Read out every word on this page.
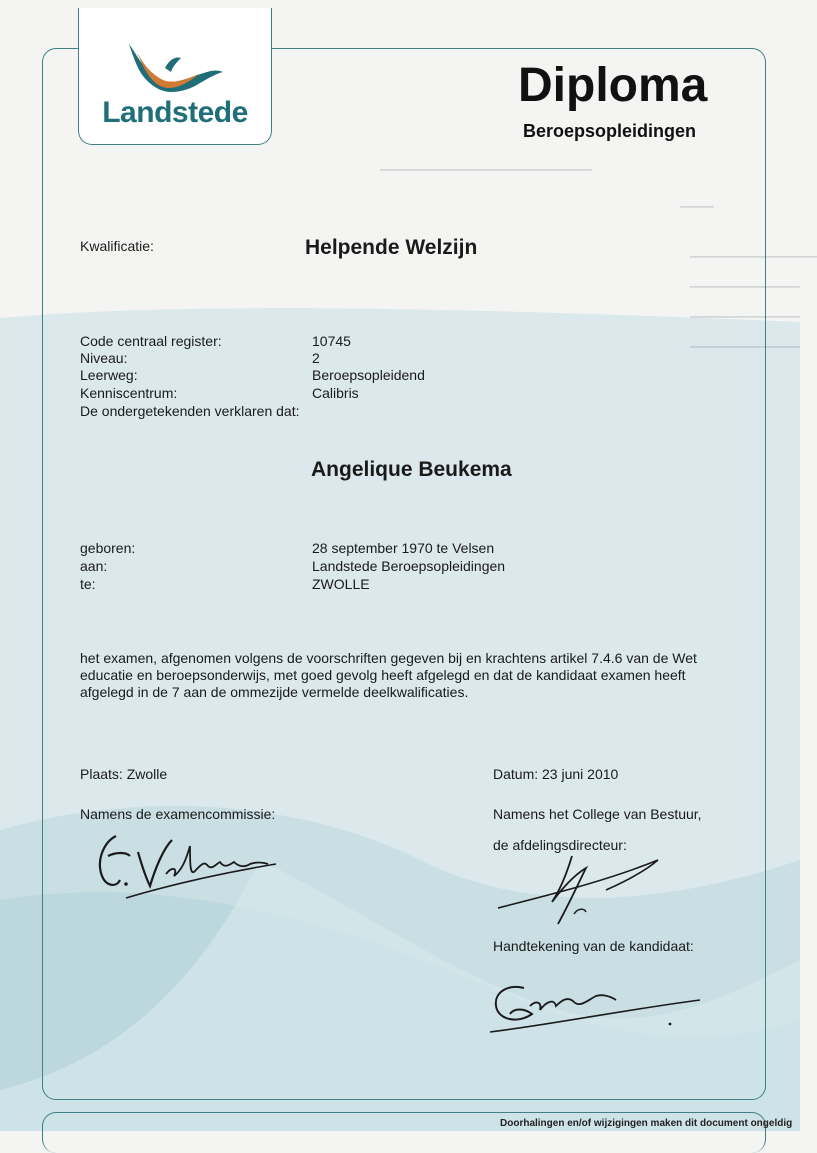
▁▁▁▁▁▁▁▁▁▁▁▁▁▁▁▁▁▁▁▁▁▁▁▁▁
▁▁▁▁
▁▁▁▁▁▁▁▁▁▁▁▁▁▁▁
▁▁▁▁▁▁▁▁▁▁▁▁▁
▁▁▁▁▁▁▁▁▁▁▁▁▁
▁▁▁▁▁▁▁▁▁▁▁▁▁
Landstede
Diploma
Beroepsopleidingen
Kwalificatie:	Helpende Welzijn
Code centraal register:	10745
Niveau:	2
Leerweg:	Beroepsopleidend
Kenniscentrum:	Calibris
De ondergetekenden verklaren dat:
Angelique Beukema
geboren:	28 september 1970 te Velsen
aan:	Landstede Beroepsopleidingen
te:	ZWOLLE
het examen, afgenomen volgens de voorschriften gegeven bij en krachtens artikel 7.4.6 van de Wet
educatie en beroepsonderwijs, met goed gevolg heeft afgelegd en dat de kandidaat examen heeft
afgelegd in de 7 aan de ommezijde vermelde deelkwalificaties.
Plaats: Zwolle	Datum: 23 juni 2010
Namens de examencommissie:	Namens het College van Bestuur,
de afdelingsdirecteur:
Handtekening van de kandidaat:
Doorhalingen en/of wijzigingen maken dit document ongeldig
